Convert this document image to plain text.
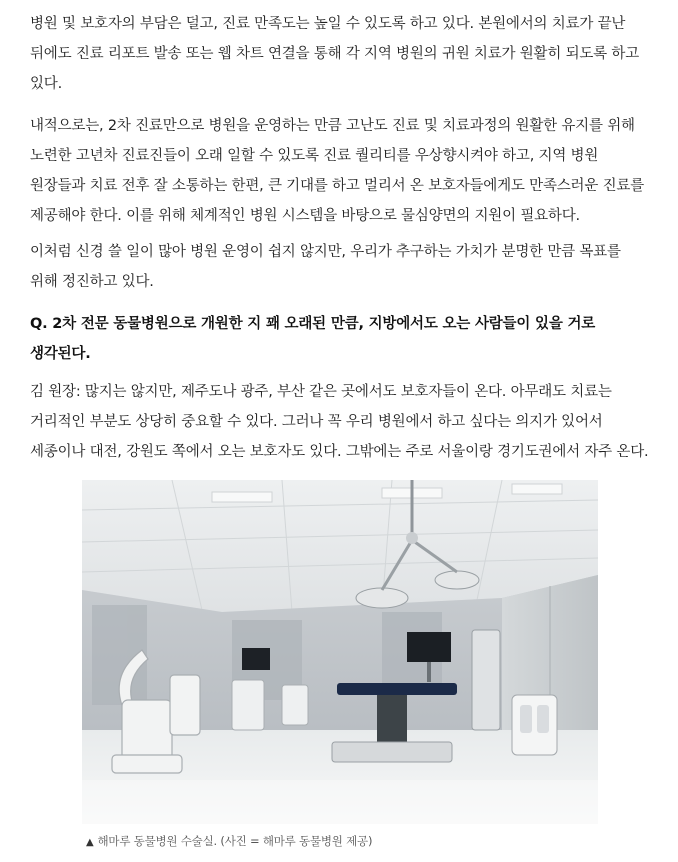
병원 및 보호자의 부담은 덜고, 진료 만족도는 높일 수 있도록 하고 있다. 본원에서의 치료가 끝난 뒤에도 진료 리포트 발송 또는 웹 차트 연결을 통해 각 지역 병원의 귀원 치료가 원활히 되도록 하고 있다.

내적으로는, 2차 진료만으로 병원을 운영하는 만큼 고난도 진료 및 치료과정의 원활한 유지를 위해 노련한 고년차 진료진들이 오래 일할 수 있도록 진료 퀄리티를 우상향시켜야 하고, 지역 병원 원장들과 치료 전후 잘 소통하는 한편, 큰 기대를 하고 멀리서 온 보호자들에게도 만족스러운 진료를 제공해야 한다. 이를 위해 체계적인 병원 시스템을 바탕으로 물심양면의 지원이 필요하다.

이처럼 신경 쓸 일이 많아 병원 운영이 쉽지 않지만, 우리가 추구하는 가치가 분명한 만큼 목표를 위해 정진하고 있다.

Q. 2차 전문 동물병원으로 개원한 지 꽤 오래된 만큼, 지방에서도 오는 사람들이 있을 거로 생각된다.

김 원장: 많지는 않지만, 제주도나 광주, 부산 같은 곳에서도 보호자들이 온다. 아무래도 치료는 거리적인 부분도 상당히 중요할 수 있다. 그러나 꼭 우리 병원에서 하고 싶다는 의지가 있어서 세종이나 대전, 강원도 쪽에서 오는 보호자도 있다. 그밖에는 주로 서울이랑 경기도권에서 자주 온다.

▲ 해마루 동물병원 수술실. (사진 = 해마루 동물병원 제공)
